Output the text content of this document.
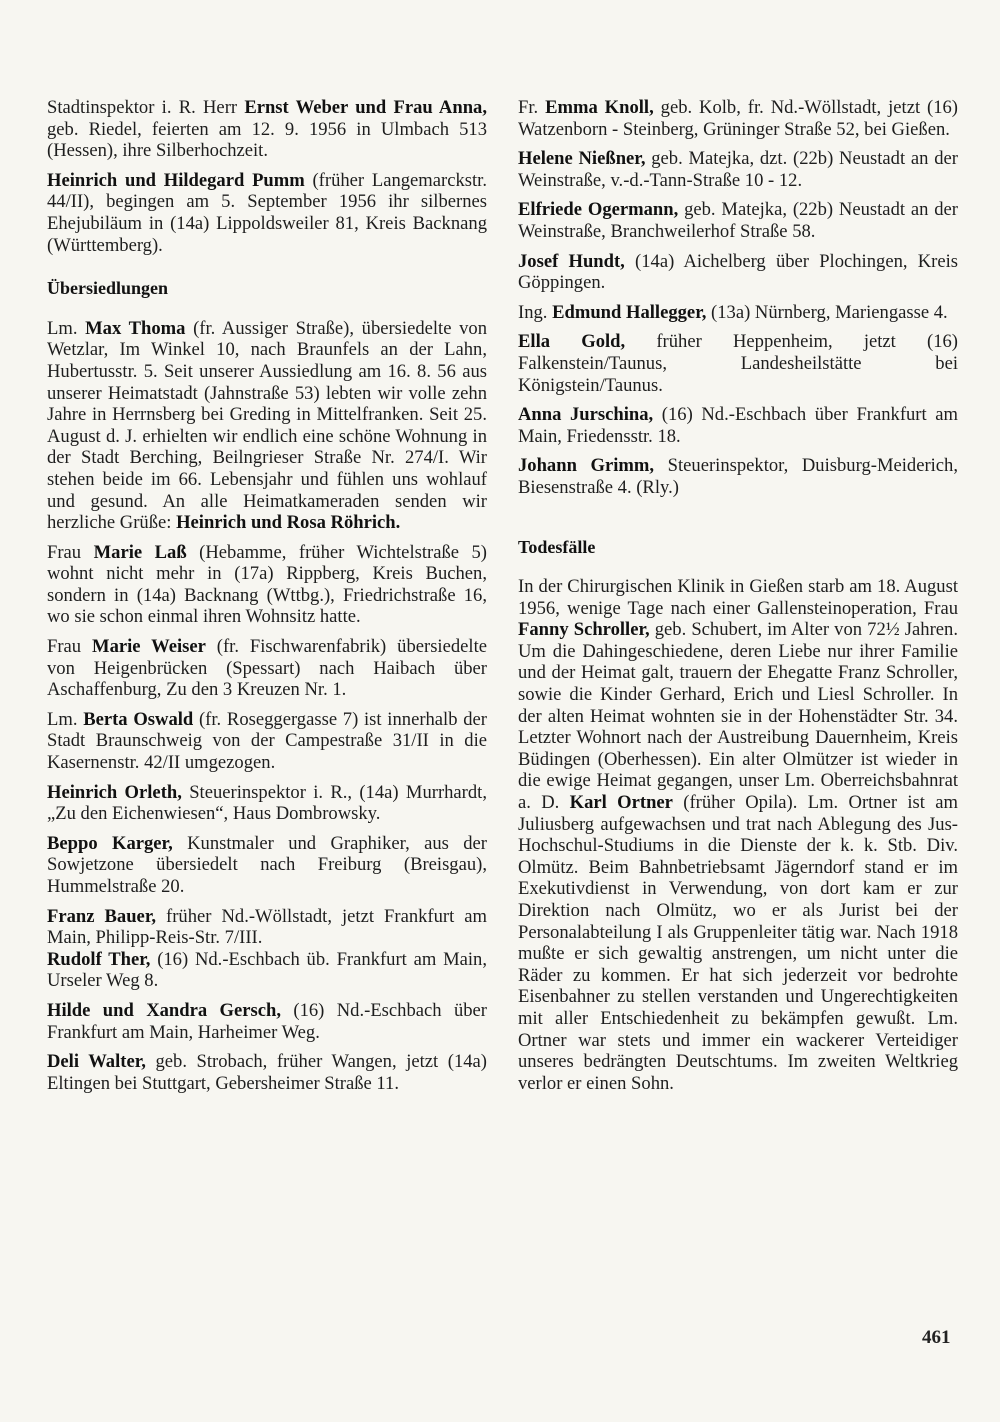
Stadtinspektor i. R. Herr Ernst Weber und Frau Anna, geb. Riedel, feierten am 12. 9. 1956 in Ulmbach 513 (Hessen), ihre Silberhochzeit.

Heinrich und Hildegard Pumm (früher Langemarckstr. 44/II), begingen am 5. September 1956 ihr silbernes Ehejubiläum in (14a) Lippoldsweiler 81, Kreis Backnang (Württemberg).

Übersiedlungen

Lm. Max Thoma (fr. Aussiger Straße), übersiedelte von Wetzlar, Im Winkel 10, nach Braunfels an der Lahn, Hubertusstr. 5. Seit unserer Aussiedlung am 16. 8. 56 aus unserer Heimatstadt (Jahnstraße 53) lebten wir volle zehn Jahre in Herrnsberg bei Greding in Mittelfranken. Seit 25. August d. J. erhielten wir endlich eine schöne Wohnung in der Stadt Berching, Beilngrieser Straße Nr. 274/I. Wir stehen beide im 66. Lebensjahr und fühlen uns wohlauf und gesund. An alle Heimatkameraden senden wir herzliche Grüße: Heinrich und Rosa Röhrich.

Frau Marie Laß (Hebamme, früher Wichtelstraße 5) wohnt nicht mehr in (17a) Rippberg, Kreis Buchen, sondern in (14a) Backnang (Wttbg.), Friedrichstraße 16, wo sie schon einmal ihren Wohnsitz hatte.

Frau Marie Weiser (fr. Fischwarenfabrik) übersiedelte von Heigenbrücken (Spessart) nach Haibach über Aschaffenburg, Zu den 3 Kreuzen Nr. 1.

Lm. Berta Oswald (fr. Roseggergasse 7) ist innerhalb der Stadt Braunschweig von der Campestraße 31/II in die Kasernenstr. 42/II umgezogen.

Heinrich Orleth, Steuerinspektor i. R., (14a) Murrhardt, „Zu den Eichenwiesen“, Haus Dombrowsky.

Beppo Karger, Kunstmaler und Graphiker, aus der Sowjetzone übersiedelt nach Freiburg (Breisgau), Hummelstraße 20.

Franz Bauer, früher Nd.-Wöllstadt, jetzt Frankfurt am Main, Philipp-Reis-Str. 7/III.

Rudolf Ther, (16) Nd.-Eschbach üb. Frankfurt am Main, Urseler Weg 8.

Hilde und Xandra Gersch, (16) Nd.-Eschbach über Frankfurt am Main, Harheimer Weg.

Deli Walter, geb. Strobach, früher Wangen, jetzt (14a) Eltingen bei Stuttgart, Gebersheimer Straße 11.

Fr. Emma Knoll, geb. Kolb, fr. Nd.-Wöllstadt, jetzt (16) Watzenborn - Steinberg, Grüninger Straße 52, bei Gießen.

Helene Nießner, geb. Matejka, dzt. (22b) Neustadt an der Weinstraße, v.-d.-Tann-Straße 10 - 12.

Elfriede Ogermann, geb. Matejka, (22b) Neustadt an der Weinstraße, Branchweilerhof Straße 58.

Josef Hundt, (14a) Aichelberg über Plochingen, Kreis Göppingen.

Ing. Edmund Hallegger, (13a) Nürnberg, Mariengasse 4.

Ella Gold, früher Heppenheim, jetzt (16) Falkenstein/Taunus, Landesheilstätte bei Königstein/Taunus.

Anna Jurschina, (16) Nd.-Eschbach über Frankfurt am Main, Friedensstr. 18.

Johann Grimm, Steuerinspektor, Duisburg-Meiderich, Biesenstraße 4. (Rly.)

Todesfälle

In der Chirurgischen Klinik in Gießen starb am 18. August 1956, wenige Tage nach einer Gallensteinoperation, Frau Fanny Schroller, geb. Schubert, im Alter von 72½ Jahren. Um die Dahingeschiedene, deren Liebe nur ihrer Familie und der Heimat galt, trauern der Ehegatte Franz Schroller, sowie die Kinder Gerhard, Erich und Liesl Schroller. In der alten Heimat wohnten sie in der Hohenstädter Str. 34. Letzter Wohnort nach der Austreibung Dauernheim, Kreis Büdingen (Oberhessen). Ein alter Olmützer ist wieder in die ewige Heimat gegangen, unser Lm. Oberreichsbahnrat a. D. Karl Ortner (früher Opila). Lm. Ortner ist am Juliusberg aufgewachsen und trat nach Ablegung des Jus-Hochschul-Studiums in die Dienste der k. k. Stb. Div. Olmütz. Beim Bahnbetriebsamt Jägerndorf stand er im Exekutivdienst in Verwendung, von dort kam er zur Direktion nach Olmütz, wo er als Jurist bei der Personalabteilung I als Gruppenleiter tätig war. Nach 1918 mußte er sich gewaltig anstrengen, um nicht unter die Räder zu kommen. Er hat sich jederzeit vor bedrohte Eisenbahner zu stellen verstanden und Ungerechtigkeiten mit aller Entschiedenheit zu bekämpfen gewußt. Lm. Ortner war stets und immer ein wackerer Verteidiger unseres bedrängten Deutschtums. Im zweiten Weltkrieg verlor er einen Sohn.

461
